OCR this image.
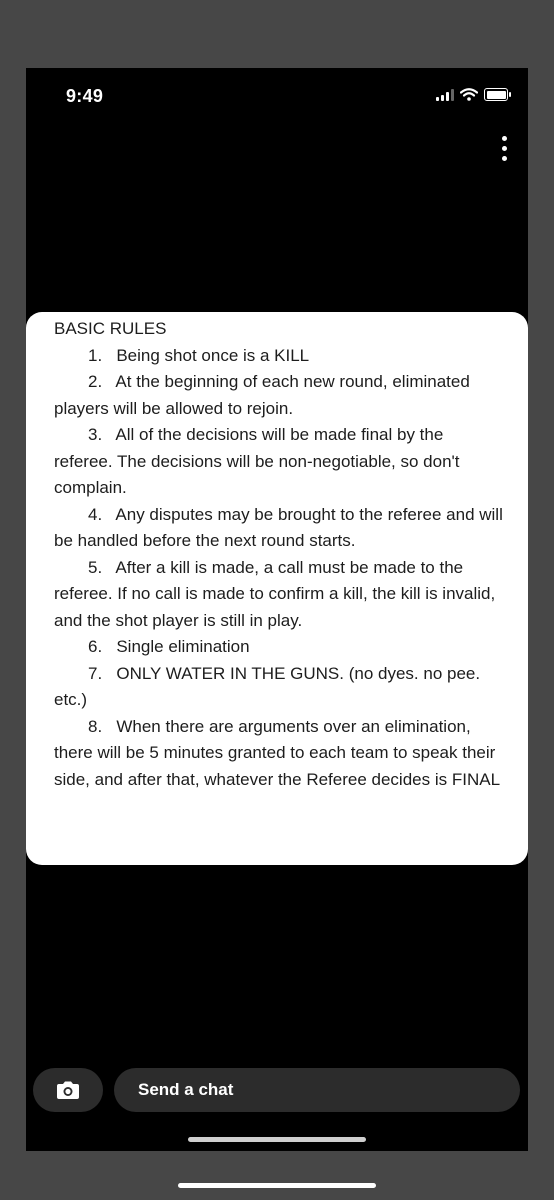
9:49

BASIC RULES

1.   Being shot once is a KILL

2.   At the beginning of each new round, eliminated players will be allowed to rejoin.

3.   All of the decisions will be made final by the referee. The decisions will be non-negotiable, so don't complain.

4.   Any disputes may be brought to the referee and will be handled before the next round starts.

5.   After a kill is made, a call must be made to the referee. If no call is made to confirm a kill, the kill is invalid, and the shot player is still in play.

6.   Single elimination

7.   ONLY WATER IN THE GUNS. (no dyes. no pee. etc.)

8.   When there are arguments over an elimination, there will be 5 minutes granted to each team to speak their side, and after that, whatever the Referee decides is FINAL

Send a chat
